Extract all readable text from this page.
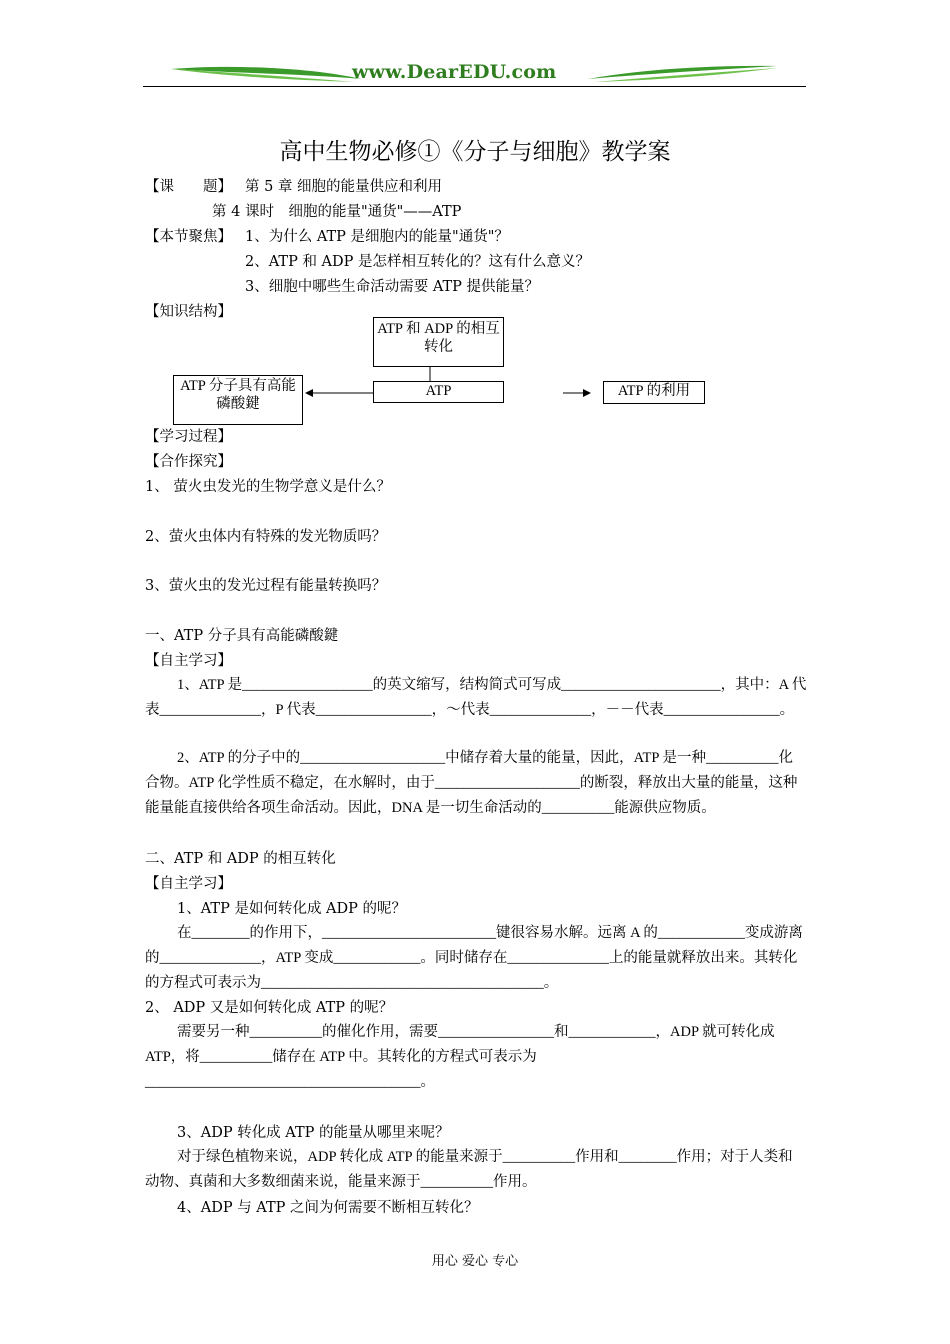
www.DearEDU.com
高中生物必修①《分子与细胞》教学案
【课　　题】 第 5 章 细胞的能量供应和利用
第 4 课时　细胞的能量"通货"——ATP
【本节聚焦】 1、为什么 ATP 是细胞内的能量"通货"？
2、ATP 和 ADP 是怎样相互转化的？这有什么意义？
3、细胞中哪些生命活动需要 ATP 提供能量？
【知识结构】
ATP 和 ADP 的相互转化
ATP 分子具有高能磷酸鍵
ATP	ATP 的利用
【学习过程】
【合作探究】
1、 萤火虫发光的生物学意义是什么？
2、萤火虫体内有特殊的发光物质吗？
3、萤火虫的发光过程有能量转换吗？
一、ATP 分子具有高能磷酸鍵
【自主学习】
1、ATP 是__________________的英文缩写，结构简式可写成______________________，其中：A 代表______________，P 代表________________，～代表______________，－－代表________________。
2、ATP 的分子中的____________________中储存着大量的能量，因此，ATP 是一种__________化合物。ATP 化学性质不稳定，在水解时，由于____________________的断裂，释放出大量的能量，这种能量能直接供给各项生命活动。因此，DNA 是一切生命活动的__________能源供应物质。
二、ATP 和 ADP 的相互转化
【自主学习】
1、ATP 是如何转化成 ADP 的呢？
在________的作用下，________________________键很容易水解。远离 A 的____________变成游离的______________，ATP 变成____________。同时储存在______________上的能量就释放出来。其转化的方程式可表示为_______________________________________。
2、 ADP 又是如何转化成 ATP 的呢？
需要另一种__________的催化作用，需要________________和____________，ADP 就可转化成 ATP，将__________储存在 ATP 中。其转化的方程式可表示为______________________________________。
3、ADP 转化成 ATP 的能量从哪里来呢？
对于绿色植物来说，ADP 转化成 ATP 的能量来源于__________作用和________作用；对于人类和动物、真菌和大多数细菌来说，能量来源于__________作用。
4、ADP 与 ATP 之间为何需要不断相互转化？
用心 爱心 专心
